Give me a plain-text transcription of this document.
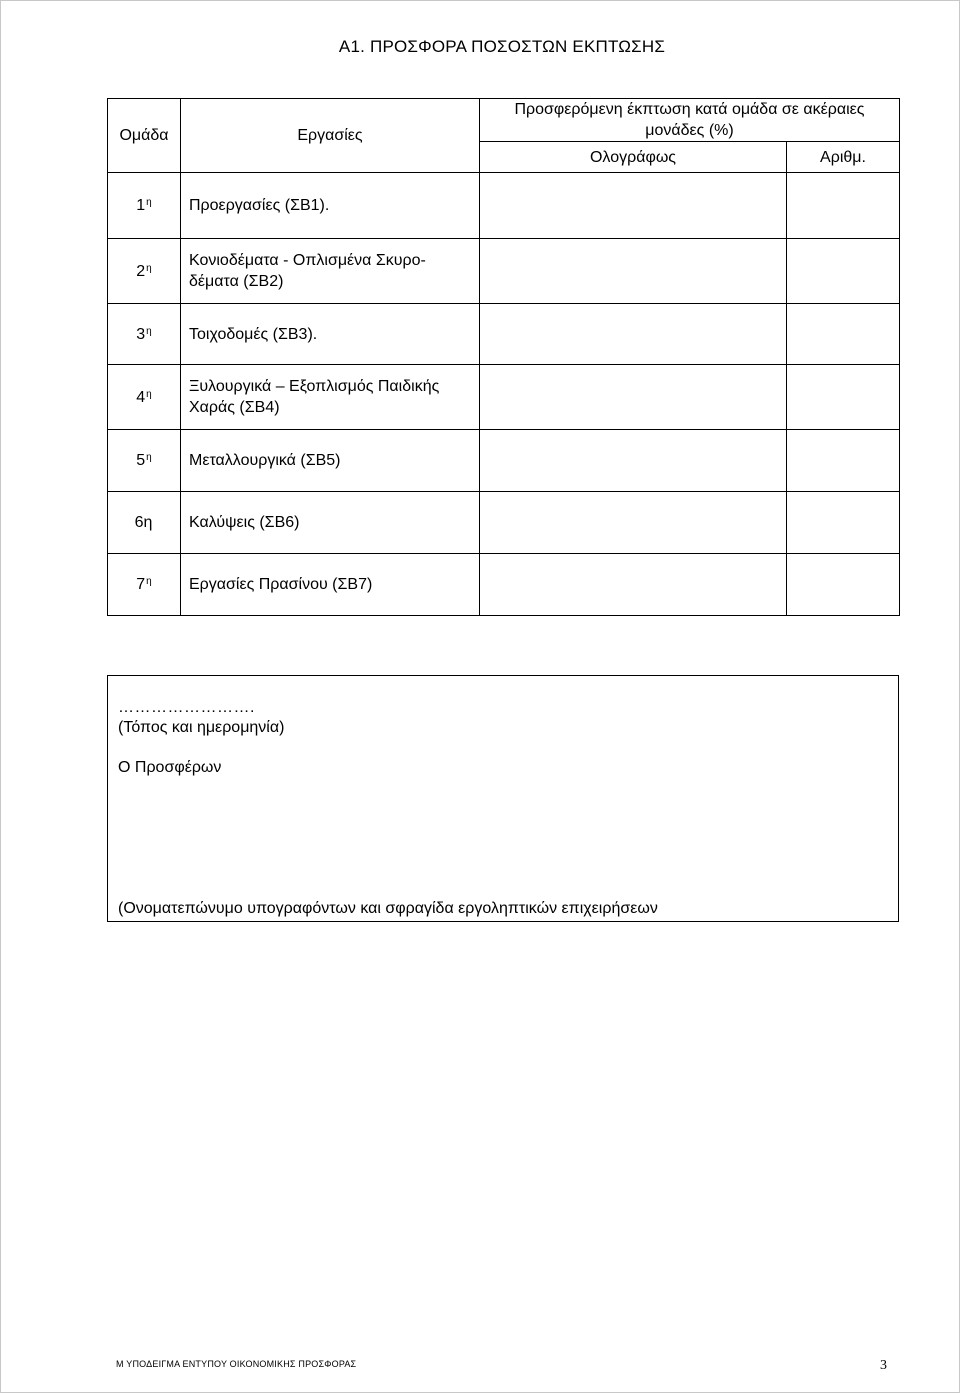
Α1. ΠΡΟΣΦΟΡΑ ΠΟΣΟΣΤΩΝ ΕΚΠΤΩΣΗΣ
Ομάδα	Εργασίες	Προσφερόμενη έκπτωση κατά ομάδα σε ακέραιες μονάδες (%)	
		Ολογράφως	Αριθμ.
$1^\eta$	Προεργασίες (ΣΒ1).		
$2^\eta$	Κονιοδέματα - Οπλισμένα Σκυρο-δέματα (ΣΒ2)		
$3^\eta$	Τοιχοδομές (ΣΒ3).		
$4^\eta$	Ξυλουργικά – Εξοπλισμός Παιδικής Χαράς (ΣΒ4)		
$5^\eta$	Μεταλλουργικά (ΣΒ5)		
6η	Καλύψεις (ΣΒ6)		
$7^\eta$	Εργασίες Πρασίνου (ΣΒ7)		
…………………….
(Τόπος και ημερομηνία)
Ο Προσφέρων
(Ονοματεπώνυμο υπογραφόντων και σφραγίδα εργοληπτικών επιχειρήσεων
Μ ΥΠΟΔΕΙΓΜΑ ΕΝΤΥΠΟΥ ΟΙΚΟΝΟΜΙΚΗΣ ΠΡΟΣΦΟΡΑΣ	3
